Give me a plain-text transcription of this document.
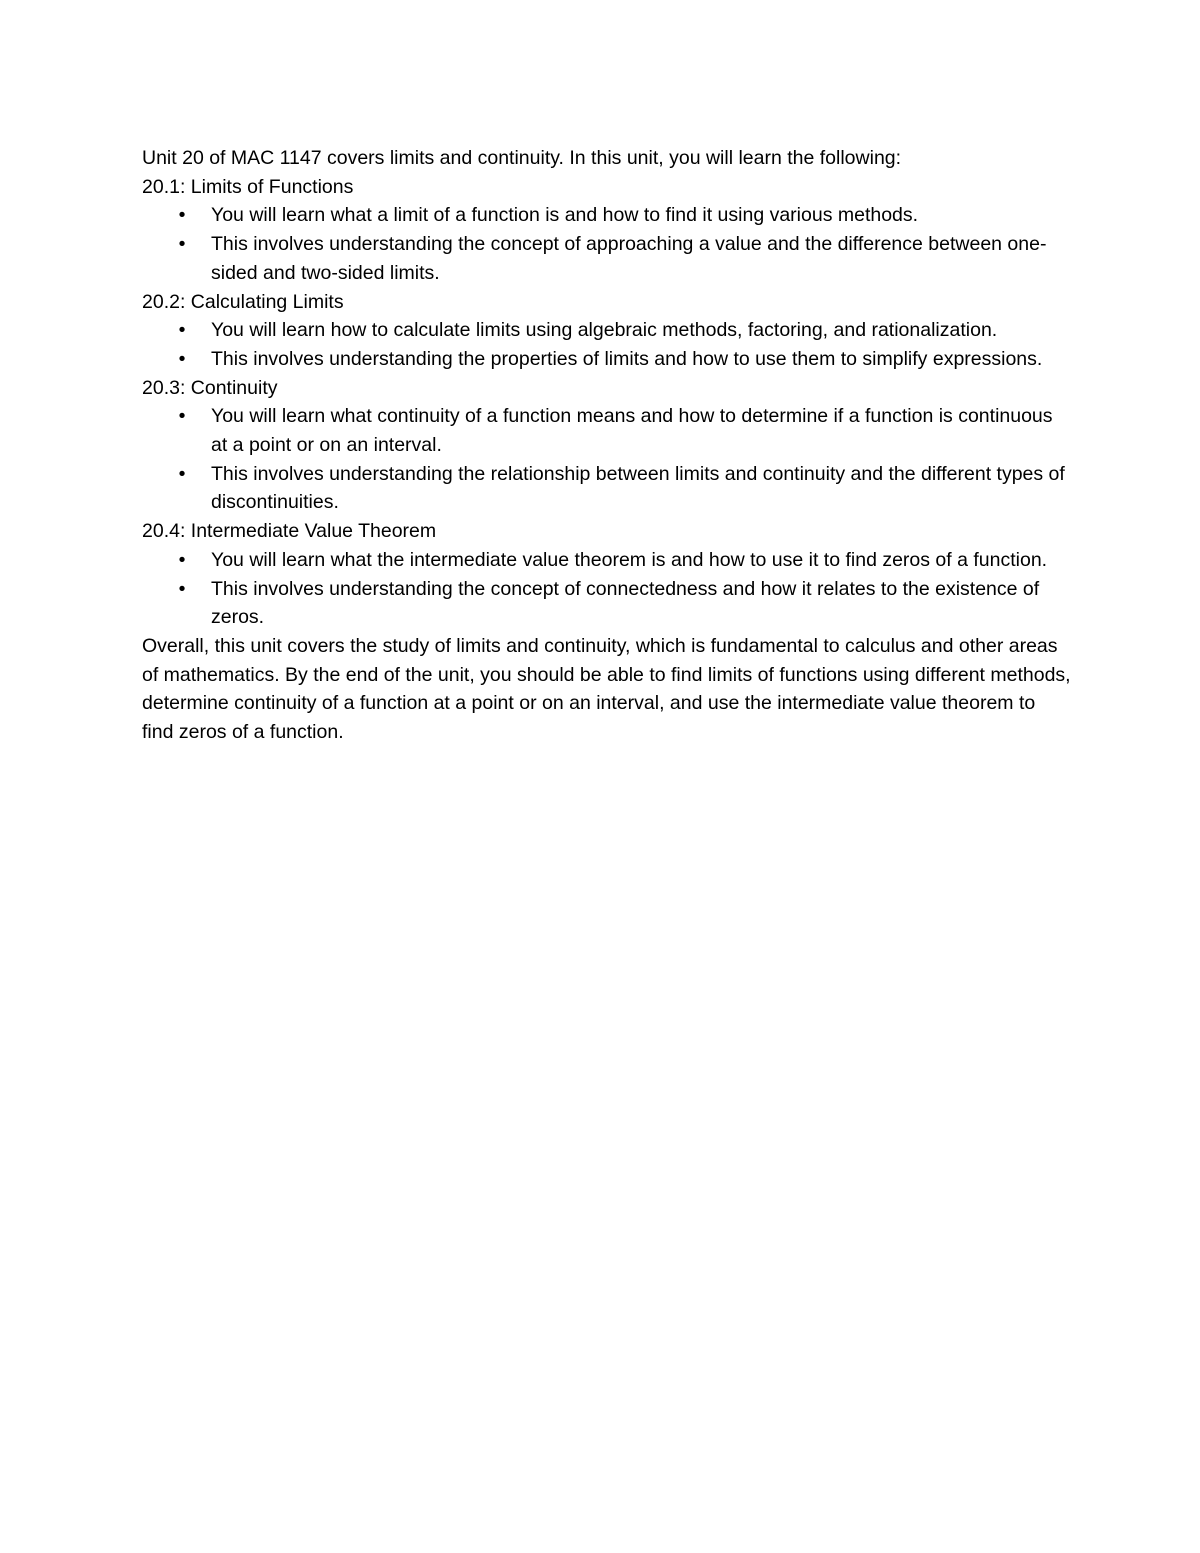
Unit 20 of MAC 1147 covers limits and continuity. In this unit, you will learn the following:

20.1: Limits of Functions

•	You will learn what a limit of a function is and how to find it using various methods.
•	This involves understanding the concept of approaching a value and the difference between one-sided and two-sided limits.

20.2: Calculating Limits

•	You will learn how to calculate limits using algebraic methods, factoring, and rationalization.
•	This involves understanding the properties of limits and how to use them to simplify expressions.

20.3: Continuity

•	You will learn what continuity of a function means and how to determine if a function is continuous at a point or on an interval.
•	This involves understanding the relationship between limits and continuity and the different types of discontinuities.

20.4: Intermediate Value Theorem

•	You will learn what the intermediate value theorem is and how to use it to find zeros of a function.
•	This involves understanding the concept of connectedness and how it relates to the existence of zeros.

Overall, this unit covers the study of limits and continuity, which is fundamental to calculus and other areas of mathematics. By the end of the unit, you should be able to find limits of functions using different methods, determine continuity of a function at a point or on an interval, and use the intermediate value theorem to find zeros of a function.
